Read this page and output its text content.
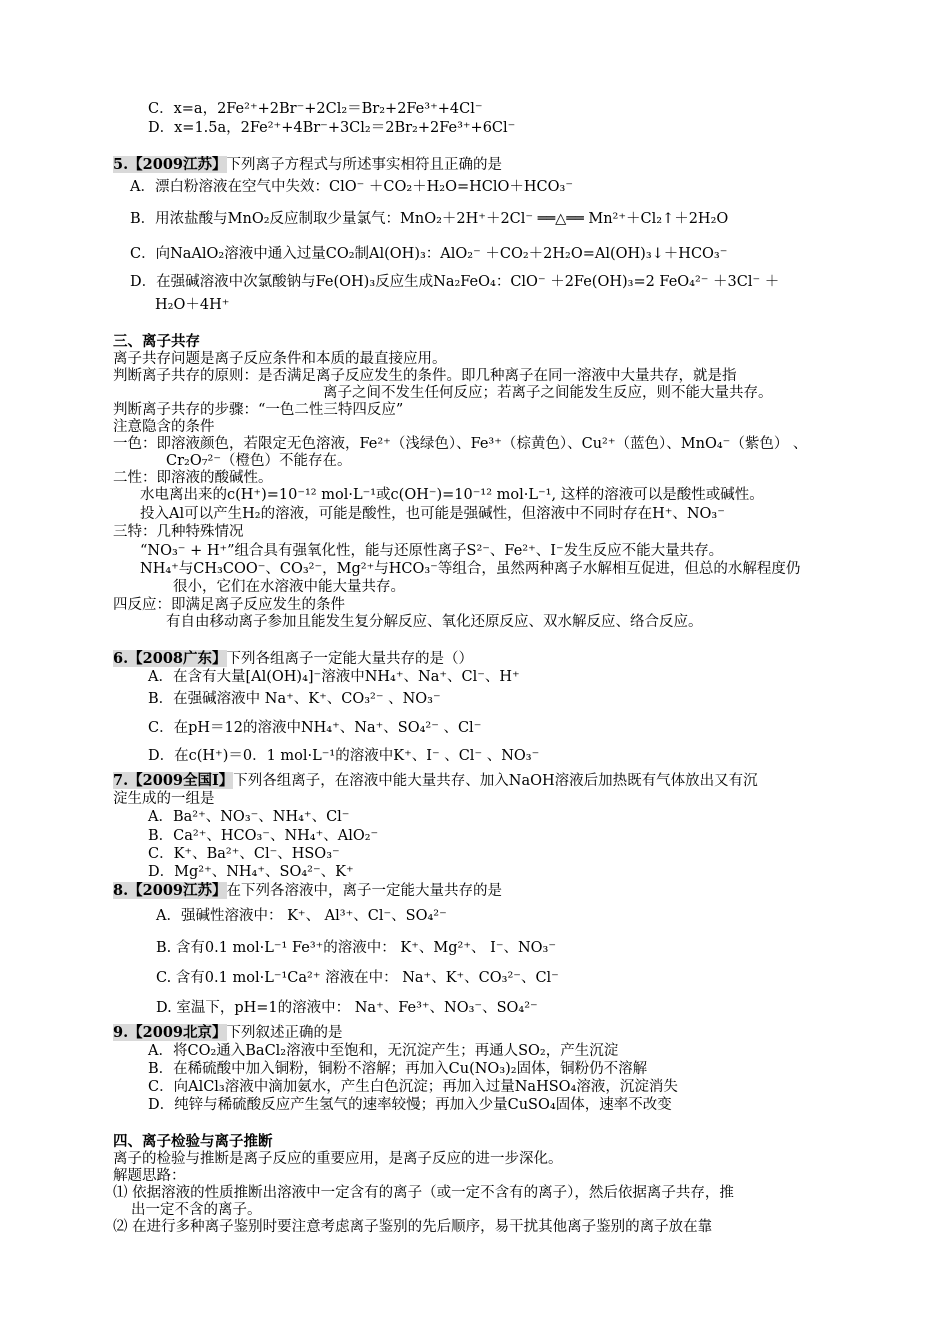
C．x=a，2Fe²⁺+2Br⁻+2Cl₂＝Br₂+2Fe³⁺+4Cl⁻
D．x=1.5a，2Fe²⁺+4Br⁻+3Cl₂＝2Br₂+2Fe³⁺+6Cl⁻
5.【2009江苏】下列离子方程式与所述事实相符且正确的是
A．漂白粉溶液在空气中失效：ClO⁻ ＋CO₂＋H₂O=HClO＋HCO₃⁻
B．用浓盐酸与MnO₂反应制取少量氯气：MnO₂＋2H⁺＋2Cl⁻ ══△══ Mn²⁺＋Cl₂↑＋2H₂O
C．向NaAlO₂溶液中通入过量CO₂制Al(OH)₃：AlO₂⁻ ＋CO₂＋2H₂O=Al(OH)₃↓＋HCO₃⁻
D．在强碱溶液中次氯酸钠与Fe(OH)₃反应生成Na₂FeO₄：ClO⁻ ＋2Fe(OH)₃=2 FeO₄²⁻ ＋3Cl⁻ ＋
H₂O＋4H⁺
三、离子共存
离子共存问题是离子反应条件和本质的最直接应用。
判断离子共存的原则：是否满足离子反应发生的条件。即几种离子在同一溶液中大量共存，就是指
离子之间不发生任何反应；若离子之间能发生反应，则不能大量共存。
判断离子共存的步骤：“一色二性三特四反应”
注意隐含的条件
一色：即溶液颜色，若限定无色溶液，Fe²⁺（浅绿色）、Fe³⁺（棕黄色）、Cu²⁺（蓝色）、MnO₄⁻（紫色） 、
Cr₂O₇²⁻（橙色）不能存在。
二性：即溶液的酸碱性。
水电离出来的c(H⁺)=10⁻¹² mol·L⁻¹或c(OH⁻)=10⁻¹² mol·L⁻¹, 这样的溶液可以是酸性或碱性。
投入Al可以产生H₂的溶液，可能是酸性，也可能是强碱性，但溶液中不同时存在H⁺、NO₃⁻
三特：几种特殊情况
“NO₃⁻ + H⁺”组合具有强氧化性，能与还原性离子S²⁻、Fe²⁺、I⁻发生反应不能大量共存。
NH₄⁺与CH₃COO⁻、CO₃²⁻，Mg²⁺与HCO₃⁻等组合，虽然两种离子水解相互促进，但总的水解程度仍
很小，它们在水溶液中能大量共存。
四反应：即满足离子反应发生的条件
有自由移动离子参加且能发生复分解反应、氧化还原反应、双水解反应、络合反应。
6.【2008广东】下列各组离子一定能大量共存的是（）
A．在含有大量[Al(OH)₄]⁻溶液中NH₄⁺、Na⁺、Cl⁻、H⁺
B．在强碱溶液中 Na⁺、K⁺、CO₃²⁻ 、NO₃⁻
C．在pH＝12的溶液中NH₄⁺、Na⁺、SO₄²⁻ 、Cl⁻
D．在c(H⁺)＝0．1 mol·L⁻¹的溶液中K⁺、I⁻ 、Cl⁻ 、NO₃⁻
7.【2009全国Ⅰ】下列各组离子，在溶液中能大量共存、加入NaOH溶液后加热既有气体放出又有沉
淀生成的一组是
A．Ba²⁺、NO₃⁻、NH₄⁺、Cl⁻
B．Ca²⁺、HCO₃⁻、NH₄⁺、AlO₂⁻
C．K⁺、Ba²⁺、Cl⁻、HSO₃⁻
D．Mg²⁺、NH₄⁺、SO₄²⁻、K⁺
8.【2009江苏】在下列各溶液中，离子一定能大量共存的是
A．强碱性溶液中： K⁺、 Al³⁺、Cl⁻、SO₄²⁻
B. 含有0.1 mol·L⁻¹ Fe³⁺的溶液中： K⁺、Mg²⁺、 I⁻、NO₃⁻
C. 含有0.1 mol·L⁻¹Ca²⁺ 溶液在中： Na⁺、K⁺、CO₃²⁻、Cl⁻
D. 室温下，pH=1的溶液中： Na⁺、Fe³⁺、NO₃⁻、SO₄²⁻
9.【2009北京】下列叙述正确的是
A．将CO₂通入BaCl₂溶液中至饱和，无沉淀产生；再通人SO₂，产生沉淀
B．在稀硫酸中加入铜粉，铜粉不溶解；再加入Cu(NO₃)₂固体，铜粉仍不溶解
C．向AlCl₃溶液中滴加氨水，产生白色沉淀；再加入过量NaHSO₄溶液，沉淀消失
D．纯锌与稀硫酸反应产生氢气的速率较慢；再加入少量CuSO₄固体，速率不改变
四、离子检验与离子推断
离子的检验与推断是离子反应的重要应用，是离子反应的进一步深化。
解题思路：
⑴ 依据溶液的性质推断出溶液中一定含有的离子（或一定不含有的离子），然后依据离子共存，推
出一定不含的离子。
⑵ 在进行多种离子鉴别时要注意考虑离子鉴别的先后顺序，易干扰其他离子鉴别的离子放在靠
